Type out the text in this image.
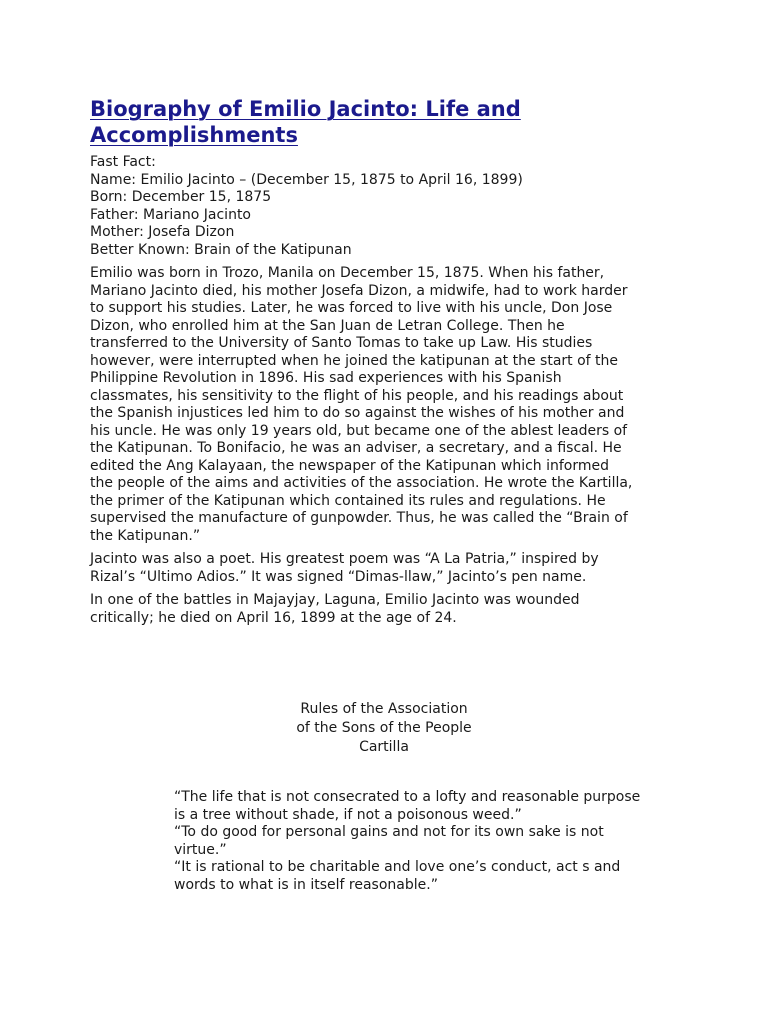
Biography of Emilio Jacinto: Life and
Accomplishments
Fast Fact:
Name: Emilio Jacinto – (December 15, 1875 to April 16, 1899)
Born: December 15, 1875
Father: Mariano Jacinto
Mother: Josefa Dizon
Better Known: Brain of the Katipunan
Emilio was born in Trozo, Manila on December 15, 1875. When his father,
Mariano Jacinto died, his mother Josefa Dizon, a midwife, had to work harder
to support his studies. Later, he was forced to live with his uncle, Don Jose
Dizon, who enrolled him at the San Juan de Letran College. Then he
transferred to the University of Santo Tomas to take up Law. His studies
however, were interrupted when he joined the katipunan at the start of the
Philippine Revolution in 1896. His sad experiences with his Spanish
classmates, his sensitivity to the flight of his people, and his readings about
the Spanish injustices led him to do so against the wishes of his mother and
his uncle. He was only 19 years old, but became one of the ablest leaders of
the Katipunan. To Bonifacio, he was an adviser, a secretary, and a fiscal. He
edited the Ang Kalayaan, the newspaper of the Katipunan which informed
the people of the aims and activities of the association. He wrote the Kartilla,
the primer of the Katipunan which contained its rules and regulations. He
supervised the manufacture of gunpowder. Thus, he was called the “Brain of
the Katipunan.”
Jacinto was also a poet. His greatest poem was “A La Patria,” inspired by
Rizal’s “Ultimo Adios.” It was signed “Dimas-llaw,” Jacinto’s pen name.
In one of the battles in Majayjay, Laguna, Emilio Jacinto was wounded
critically; he died on April 16, 1899 at the age of 24.
Rules of the Association
of the Sons of the People
Cartilla
“The life that is not consecrated to a lofty and reasonable purpose
is a tree without shade, if not a poisonous weed.”
“To do good for personal gains and not for its own sake is not
virtue.”
“It is rational to be charitable and love one’s conduct, act s and
words to what is in itself reasonable.”
